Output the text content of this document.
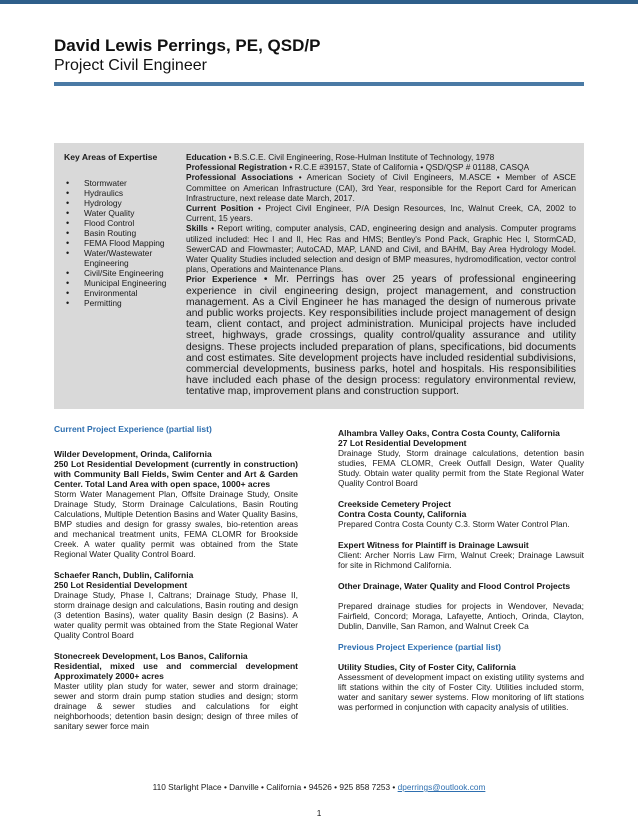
David Lewis Perrings, PE, QSD/P
Project Civil Engineer
Key Areas of Expertise
• Stormwater
• Hydraulics
• Hydrology
• Water Quality
• Flood Control
• Basin Routing
• FEMA Flood Mapping
• Water/Wastewater Engineering
• Civil/Site Engineering
• Municipal Engineering
• Environmental
• Permitting

Education • B.S.C.E. Civil Engineering, Rose-Hulman Institute of Technology, 1978

Professional Registration • R.C.E #39157, State of California • QSD/QSP # 01188, CASQA

Professional Associations • American Society of Civil Engineers, M.ASCE • Member of ASCE Committee on American Infrastructure (CAI), 3rd Year, responsible for the Report Card for American Infrastructure, next release date March, 2017.

Current Position • Project Civil Engineer, P/A Design Resources, Inc, Walnut Creek, CA, 2002 to Current, 15 years.

Skills • Report writing, computer analysis, CAD, engineering design and analysis. Computer programs utilized included: Hec I and II, Hec Ras and HMS; Bentley's Pond Pack, Graphic Hec I, StormCAD, SewerCAD and Flowmaster; AutoCAD, MAP, LAND and Civil, and BAHM, Bay Area Hydrology Model. Water Quality Studies included selection and design of BMP measures, hydromodification, vector control plans, Operations and Maintenance Plans.

Prior Experience • Mr. Perrings has over 25 years of professional engineering experience in civil engineering design, project management, and construction management. As a Civil Engineer he has managed the design of numerous private and public works projects. Key responsibilities include project management of design team, client contact, and project administration. Municipal projects have included street, highways, grade crossings, quality control/quality assurance and utility designs. These projects included preparation of plans, specifications, bid documents and cost estimates. Site development projects have included residential subdivisions, commercial developments, business parks, hotel and hospitals. His responsibilities have included each phase of the design process: regulatory environmental review, tentative map, improvement plans and construction support.

Current Project Experience (partial list)
Wilder Development, Orinda, California
250 Lot Residential Development (currently in construction) with Community Ball Fields, Swim Center and Art & Garden Center. Total Land Area with open space, 1000+ acres
Storm Water Management Plan, Offsite Drainage Study, Onsite Drainage Study, Storm Drainage Calculations, Basin Routing Calculations, Multiple Detention Basins and Water Quality Basins, BMP studies and design for grassy swales, bio-retention areas and mechanical treatment units, FEMA CLOMR for Brookside Creek. A water quality permit was obtained from the State Regional Water Quality Control Board.
Schaefer Ranch, Dublin, California
250 Lot Residential Development
Drainage Study, Phase I, Caltrans; Drainage Study, Phase II, storm drainage design and calculations, Basin routing and design (3 detention Basins), water quality Basin design (2 Basins). A water quality permit was obtained from the State Regional Water Quality Control Board
Stonecreek Development, Los Banos, California
Residential, mixed use and commercial development Approximately 2000+ acres
Master utility plan study for water, sewer and storm drainage; sewer and storm drain pump station studies and design; storm drainage & sewer studies and calculations for eight neighborhoods; detention basin design; design of three miles of sanitary sewer force main
Alhambra Valley Oaks, Contra Costa County, California
27 Lot Residential Development
Drainage Study, Storm drainage calculations, detention basin studies, FEMA CLOMR, Creek Outfall Design, Water Quality Study. Obtain water quality permit from the State Regional Water Quality Control Board
Creekside Cemetery Project
Contra Costa County, California
Prepared Contra Costa County C.3. Storm Water Control Plan.
Expert Witness for Plaintiff is Drainage Lawsuit
Client: Archer Norris Law Firm, Walnut Creek; Drainage Lawsuit for site in Richmond California.
Other Drainage, Water Quality and Flood Control Projects
Prepared drainage studies for projects in Wendover, Nevada; Fairfield, Concord; Moraga, Lafayette, Antioch, Orinda, Clayton, Dublin, Danville, San Ramon, and Walnut Creek Ca
Previous Project Experience (partial list)
Utility Studies, City of Foster City, California
Assessment of development impact on existing utility systems and lift stations within the city of Foster City. Utilities included storm, water and sanitary sewer systems. Flow monitoring of lift stations was performed in conjunction with capacity analysis of utilities.
110 Starlight Place • Danville • California • 94526 • 925 858 7253 • dperrings@outlook.com
1
